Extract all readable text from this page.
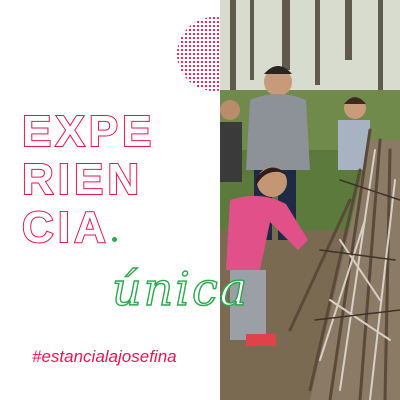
EXPE
RIEN
CIA
única
#estancialajosefina
